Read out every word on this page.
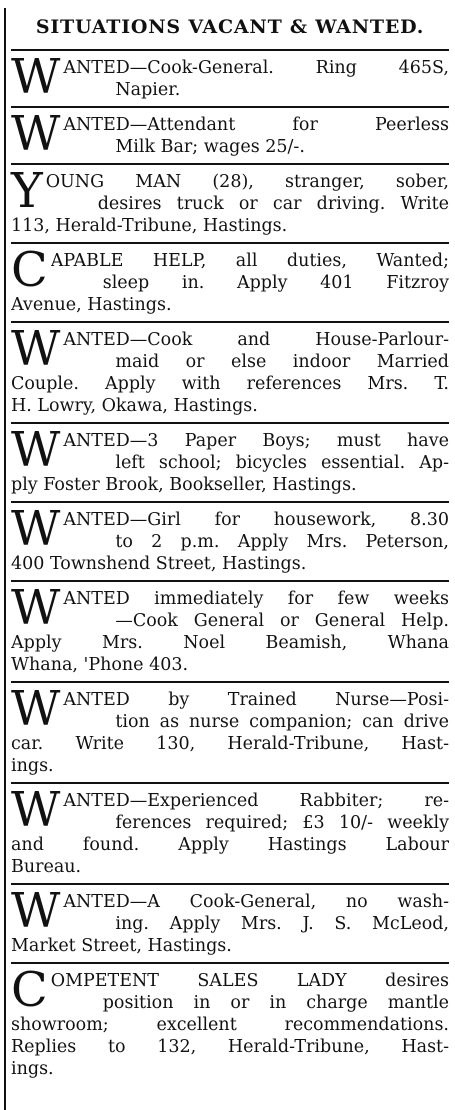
SITUATIONS VACANT & WANTED.
W ANTED—Cook-General. Ring 465S,
Napier.
W ANTED—Attendant for Peerless
Milk Bar; wages 25/-.
Y OUNG MAN (28), stranger, sober,
desires truck or car driving. Write
113, Herald-Tribune, Hastings.
C APABLE HELP, all duties, Wanted;
sleep in. Apply 401 Fitzroy
Avenue, Hastings.
W ANTED—Cook and House-Parlour-
maid or else indoor Married
Couple. Apply with references Mrs. T.
H. Lowry, Okawa, Hastings.
W ANTED—3 Paper Boys; must have
left school; bicycles essential. Ap-
ply Foster Brook, Bookseller, Hastings.
W ANTED—Girl for housework, 8.30
to 2 p.m. Apply Mrs. Peterson,
400 Townshend Street, Hastings.
W ANTED immediately for few weeks
—Cook General or General Help.
Apply Mrs. Noel Beamish, Whana
Whana, 'Phone 403.
W ANTED by Trained Nurse—Posi-
tion as nurse companion; can drive
car. Write 130, Herald-Tribune, Hast-
ings.
W ANTED—Experienced Rabbiter; re-
ferences required; £3 10/- weekly
and found. Apply Hastings Labour
Bureau.
W ANTED—A Cook-General, no wash-
ing. Apply Mrs. J. S. McLeod,
Market Street, Hastings.
C OMPETENT SALES LADY desires
position in or in charge mantle
showroom; excellent recommendations.
Replies to 132, Herald-Tribune, Hast-
ings.
